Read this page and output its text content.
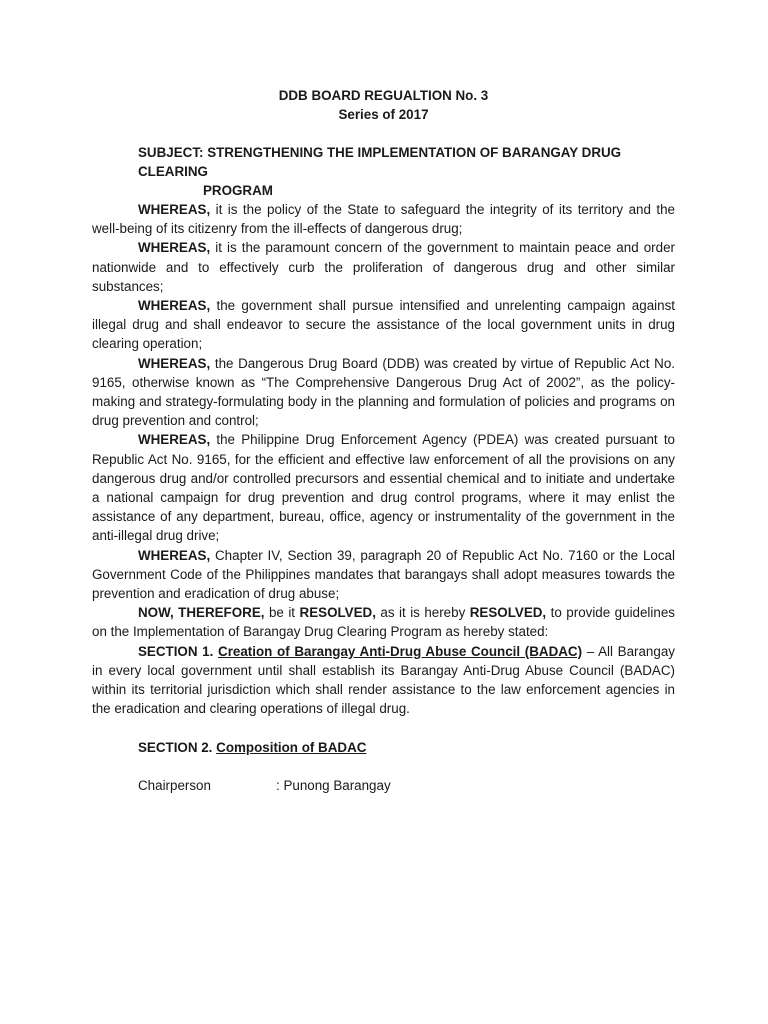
DDB BOARD REGUALTION No. 3
Series of 2017
SUBJECT: STRENGTHENING THE IMPLEMENTATION OF BARANGAY DRUG CLEARING
PROGRAM

WHEREAS, it is the policy of the State to safeguard the integrity of its territory and the well-being of its citizenry from the ill-effects of dangerous drug;

WHEREAS, it is the paramount concern of the government to maintain peace and order nationwide and to effectively curb the proliferation of dangerous drug and other similar substances;

WHEREAS, the government shall pursue intensified and unrelenting campaign against illegal drug and shall endeavor to secure the assistance of the local government units in drug clearing operation;

WHEREAS, the Dangerous Drug Board (DDB) was created by virtue of Republic Act No. 9165, otherwise known as “The Comprehensive Dangerous Drug Act of 2002”, as the policy-making and strategy-formulating body in the planning and formulation of policies and programs on drug prevention and control;

WHEREAS, the Philippine Drug Enforcement Agency (PDEA) was created pursuant to Republic Act No. 9165, for the efficient and effective law enforcement of all the provisions on any dangerous drug and/or controlled precursors and essential chemical and to initiate and undertake a national campaign for drug prevention and drug control programs, where it may enlist the assistance of any department, bureau, office, agency or instrumentality of the government in the anti-illegal drug drive;

WHEREAS, Chapter IV, Section 39, paragraph 20 of Republic Act No. 7160 or the Local Government Code of the Philippines mandates that barangays shall adopt measures towards the prevention and eradication of drug abuse;

NOW, THEREFORE, be it RESOLVED, as it is hereby RESOLVED, to provide guidelines on the Implementation of Barangay Drug Clearing Program as hereby stated:

SECTION 1. Creation of Barangay Anti-Drug Abuse Council (BADAC) – All Barangay in every local government until shall establish its Barangay Anti-Drug Abuse Council (BADAC) within its territorial jurisdiction which shall render assistance to the law enforcement agencies in the eradication and clearing operations of illegal drug.

SECTION 2. Composition of BADAC
Chairperson	: Punong Barangay
